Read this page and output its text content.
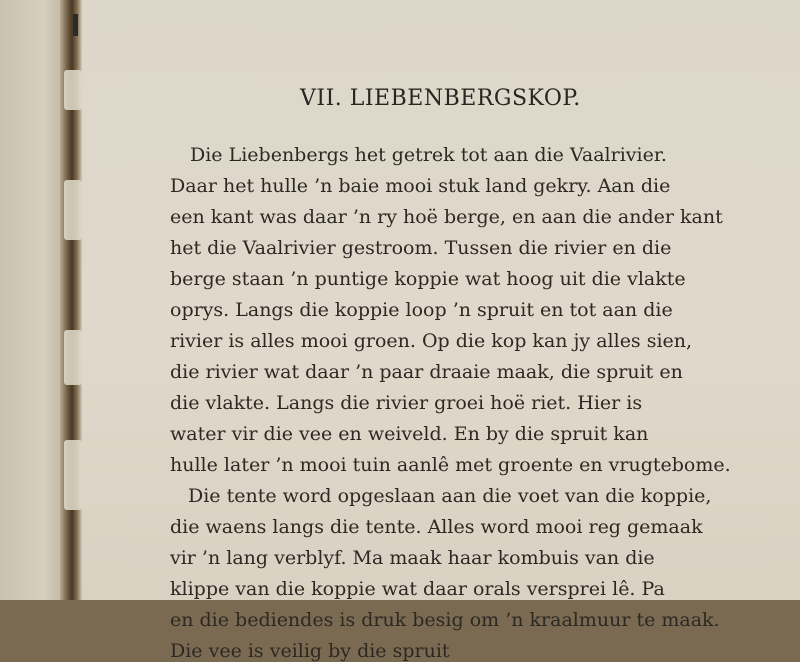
VII. LIEBENBERGSKOP.

Die Liebenbergs het getrek tot aan die Vaalrivier.

Daar het hulle ’n baie mooi stuk land gekry. Aan die

een kant was daar ’n ry hoë berge, en aan die ander kant

het die Vaalrivier gestroom. Tussen die rivier en die

berge staan ’n puntige koppie wat hoog uit die vlakte

oprys. Langs die koppie loop ’n spruit en tot aan die

rivier is alles mooi groen. Op die kop kan jy alles sien,

die rivier wat daar ’n paar draaie maak, die spruit en

die vlakte. Langs die rivier groei hoë riet. Hier is

water vir die vee en weiveld. En by die spruit kan

hulle later ’n mooi tuin aanlê met groente en vrugtebome.

Die tente word opgeslaan aan die voet van die koppie,

die waens langs die tente. Alles word mooi reg gemaak

vir ’n lang verblyf. Ma maak haar kombuis van die

klippe van die koppie wat daar orals versprei lê. Pa

en die bediendes is druk besig om ’n kraalmuur te maak.

Die vee is veilig by die spruit
